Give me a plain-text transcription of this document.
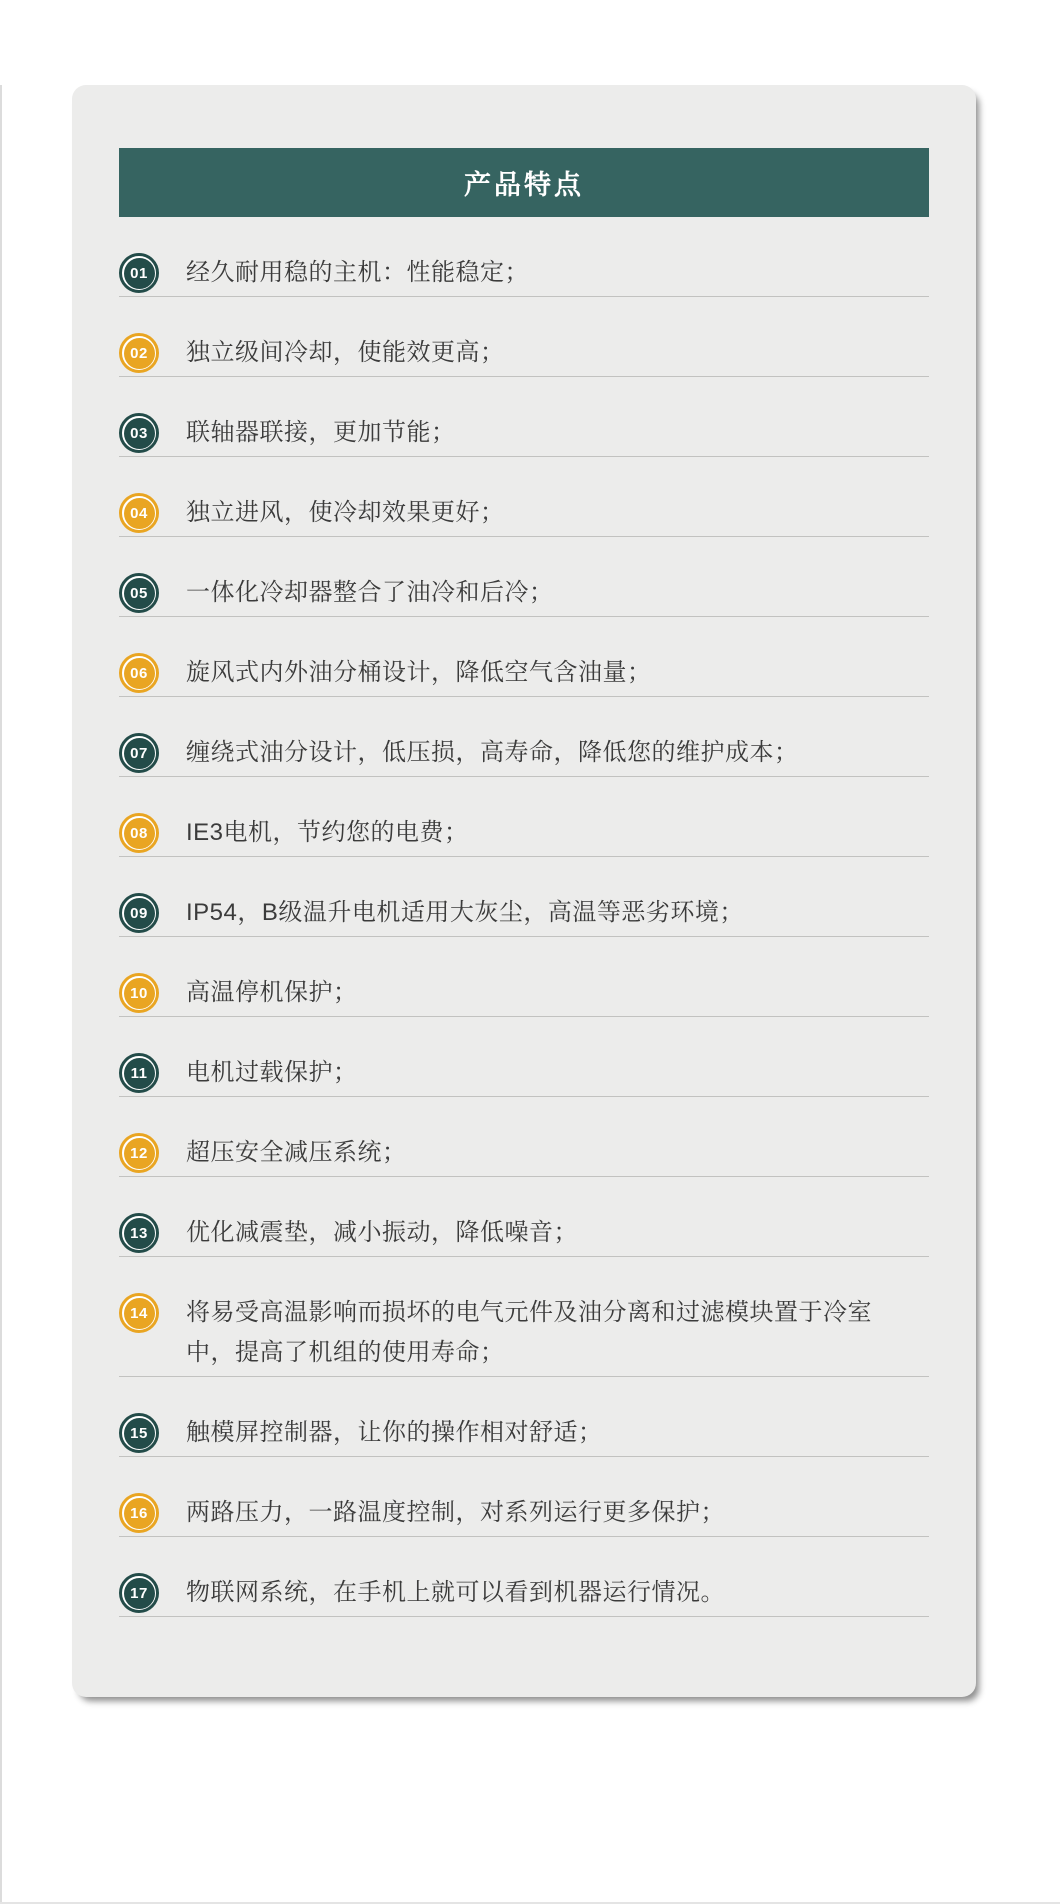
产品特点
01 经久耐用稳的主机：性能稳定；
02 独立级间冷却，使能效更高；
03 联轴器联接，更加节能；
04 独立进风，使冷却效果更好；
05 一体化冷却器整合了油冷和后冷；
06 旋风式内外油分桶设计，降低空气含油量；
07 缠绕式油分设计，低压损，高寿命，降低您的维护成本；
08 IE3电机，节约您的电费；
09 IP54，B级温升电机适用大灰尘，高温等恶劣环境；
10 高温停机保护；
11 电机过载保护；
12 超压安全减压系统；
13 优化减震垫，减小振动，降低噪音；
14 将易受高温影响而损坏的电气元件及油分离和过滤模块置于冷室中，提高了机组的使用寿命；
15 触模屏控制器，让你的操作相对舒适；
16 两路压力，一路温度控制，对系列运行更多保护；
17 物联网系统，在手机上就可以看到机器运行情况。
